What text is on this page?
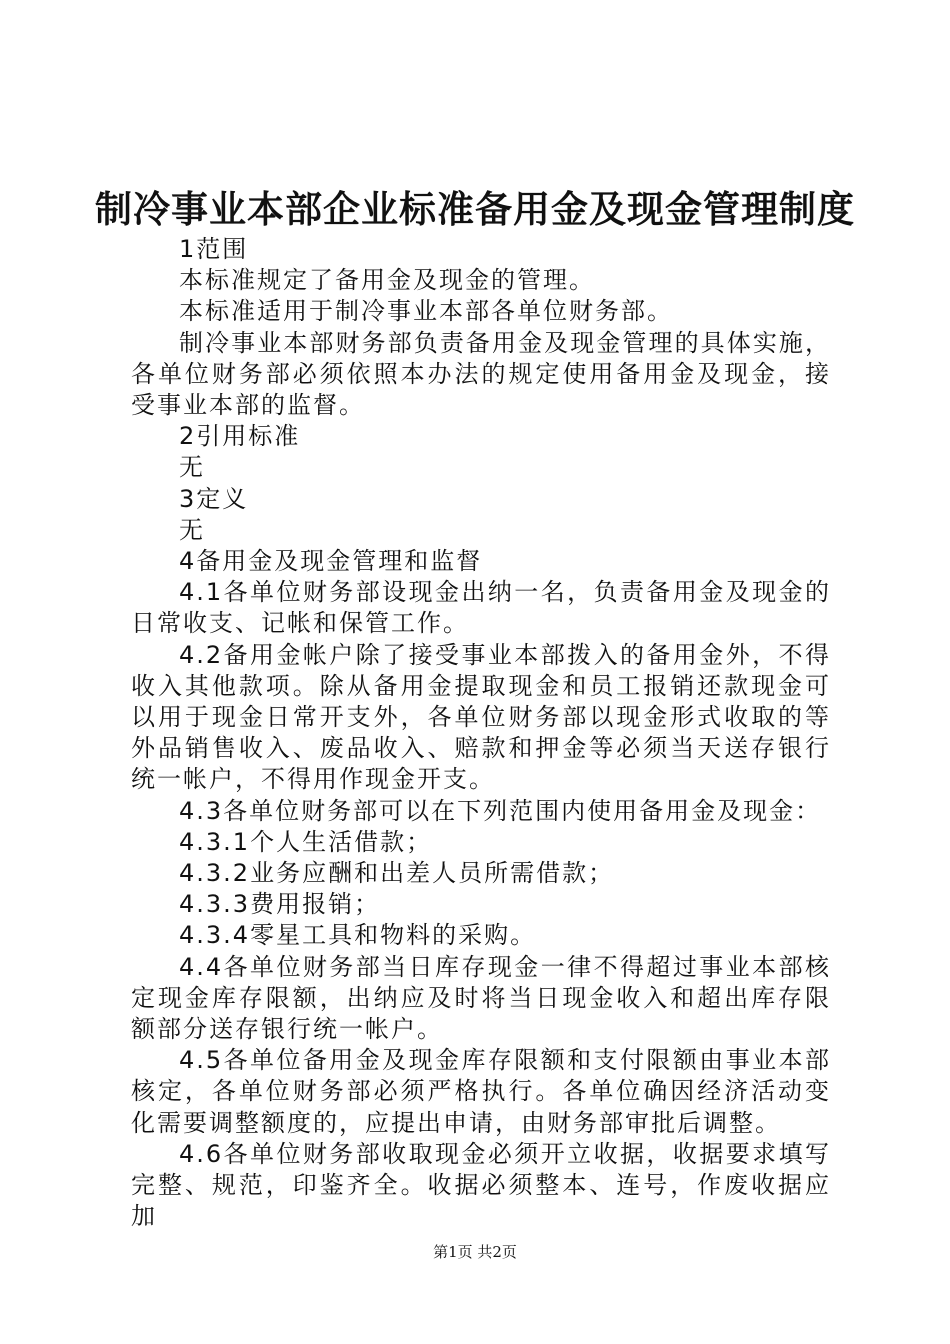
制冷事业本部企业标准备用金及现金管理制度

1范围

本标准规定了备用金及现金的管理。

本标准适用于制冷事业本部各单位财务部。

制冷事业本部财务部负责备用金及现金管理的具体实施，各单位财务部必须依照本办法的规定使用备用金及现金，接受事业本部的监督。

2引用标准

无

3定义

无

4备用金及现金管理和监督

4.1各单位财务部设现金出纳一名，负责备用金及现金的日常收支、记帐和保管工作。

4.2备用金帐户除了接受事业本部拨入的备用金外，不得收入其他款项。除从备用金提取现金和员工报销还款现金可以用于现金日常开支外，各单位财务部以现金形式收取的等外品销售收入、废品收入、赔款和押金等必须当天送存银行统一帐户，不得用作现金开支。

4.3各单位财务部可以在下列范围内使用备用金及现金：

4.3.1个人生活借款；

4.3.2业务应酬和出差人员所需借款；

4.3.3费用报销；

4.3.4零星工具和物料的采购。

4.4各单位财务部当日库存现金一律不得超过事业本部核定现金库存限额，出纳应及时将当日现金收入和超出库存限额部分送存银行统一帐户。

4.5各单位备用金及现金库存限额和支付限额由事业本部核定，各单位财务部必须严格执行。各单位确因经济活动变化需要调整额度的，应提出申请，由财务部审批后调整。

4.6各单位财务部收取现金必须开立收据，收据要求填写完整、规范，印鉴齐全。收据必须整本、连号，作废收据应加

第1页 共2页
